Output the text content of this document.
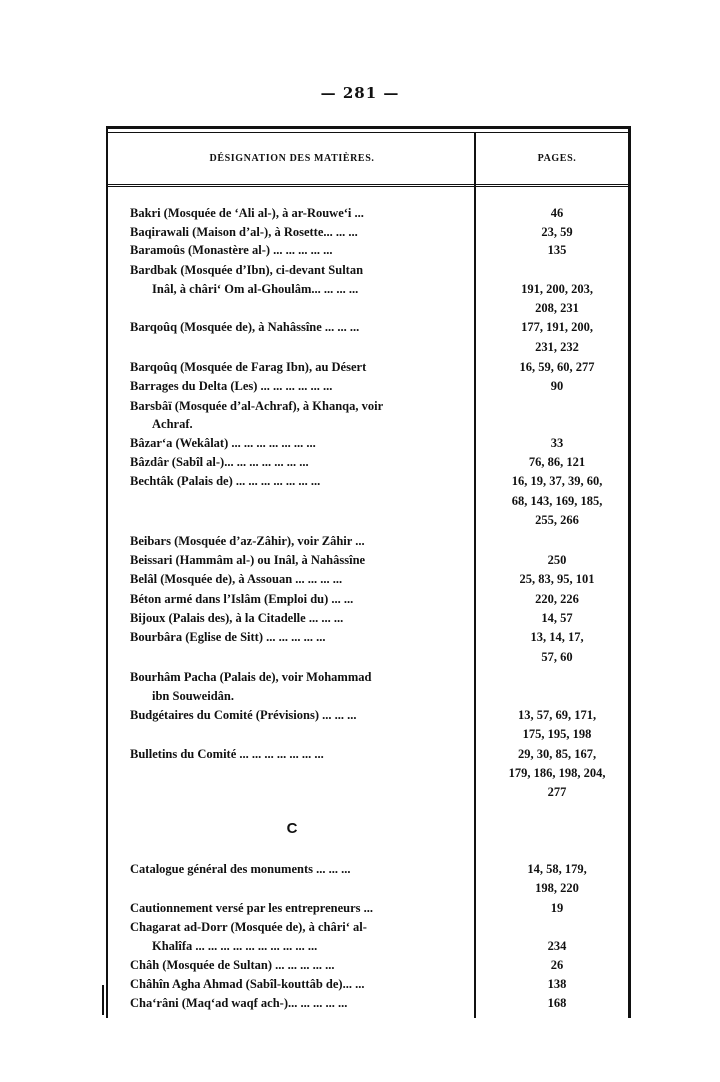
— 281 —
DÉSIGNATION DES MATIÈRES.	PAGES.
Bakri (Mosquée de ‘Ali al-), à ar-Rouwe‘i ...
Baqirawali (Maison d’al-), à Rosette... ... ...
Baramoûs (Monastère al-) ... ... ... ... ...
Bardbak (Mosquée d’Ibn), ci-devant Sultan
Inâl, à châri‘ Om al-Ghoulâm... ... ... ...
Barqoûq (Mosquée de), à Nahâssîne ... ... ...
Barqoûq (Mosquée de Farag Ibn), au Désert
Barrages du Delta (Les) ... ... ... ... ... ...
Barsbâï (Mosquée d’al-Achraf), à Khanqa, voir
Achraf.
Bâzar‘a (Wekâlat) ... ... ... ... ... ... ...
Bâzdâr (Sabîl al-)... ... ... ... ... ... ...
Bechtâk (Palais de) ... ... ... ... ... ... ...
Beibars (Mosquée d’az-Zâhir), voir Zâhir ...
Beissari (Hammâm al-) ou Inâl, à Nahâssîne
Belâl (Mosquée de), à Assouan ... ... ... ...
Béton armé dans l’Islâm (Emploi du) ... ...
Bijoux (Palais des), à la Citadelle ... ... ...
Bourbâra (Eglise de Sitt) ... ... ... ... ...
Bourhâm Pacha (Palais de), voir Mohammad
ibn Souweidân.
Budgétaires du Comité (Prévisions) ... ... ...
Bulletins du Comité ... ... ... ... ... ... ...
Catalogue général des monuments ... ... ...
Cautionnement versé par les entrepreneurs ...
Chagarat ad-Dorr (Mosquée de), à châri‘ al-
Khalîfa ... ... ... ... ... ... ... ... ... ...
Châh (Mosquée de Sultan) ... ... ... ... ...
Châhîn Agha Ahmad (Sabîl-kouttâb de)... ...
Cha‘râni (Maq‘ad waqf ach-)... ... ... ... ...
46
23, 59
135
191, 200, 203,
208, 231
177, 191, 200,
231, 232
16, 59, 60, 277
90
33
76, 86, 121
16, 19, 37, 39, 60,
68, 143, 169, 185,
255, 266
250
25, 83, 95, 101
220, 226
14, 57
13, 14, 17,
57, 60
13, 57, 69, 171,
175, 195, 198
29, 30, 85, 167,
179, 186, 198, 204,
277
14, 58, 179,
198, 220
19
234
26
138
168
C
